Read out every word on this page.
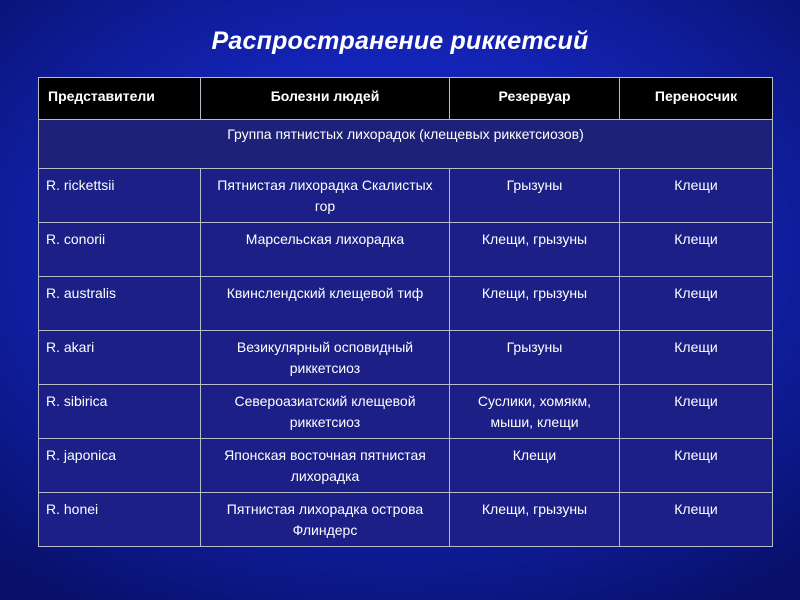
Распространение риккетсий
Представители	Болезни людей	Резервуар	Переносчик
Группа пятнистых лихорадок (клещевых риккетсиозов)			
R. rickettsii	Пятнистая лихорадка Скалистых гор	Грызуны	Клещи
R. conorii	Марсельская лихорадка	Клещи, грызуны	Клещи
R. australis	Квинслендский клещевой тиф	Клещи, грызуны	Клещи
R. akari	Везикулярный осповидный риккетсиоз	Грызуны	Клещи
R. sibirica	Североазиатский клещевой риккетсиоз	Суслики, хомякм, мыши, клещи	Клещи
R. japonica	Японская восточная пятнистая лихорадка	Клещи	Клещи
R. honei	Пятнистая лихорадка острова Флиндерс	Клещи, грызуны	Клещи
